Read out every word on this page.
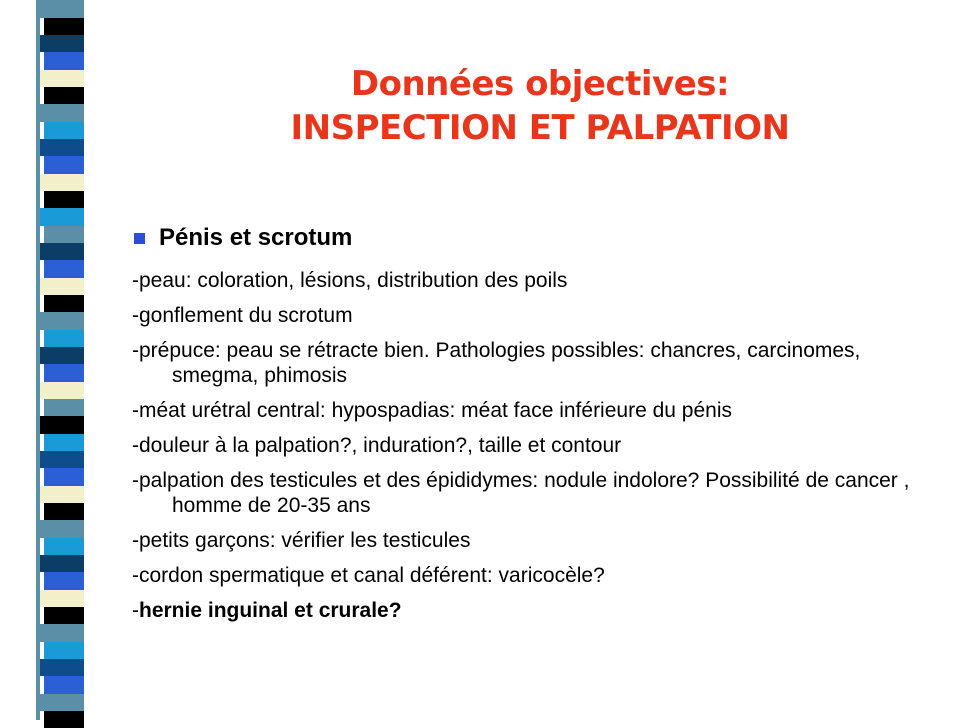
Données objectives:
INSPECTION ET PALPATION
Pénis et scrotum
-peau: coloration, lésions, distribution des poils
-gonflement du scrotum
-prépuce: peau se rétracte bien. Pathologies possibles: chancres, carcinomes, smegma, phimosis
-méat urétral central: hypospadias: méat face inférieure du pénis
-douleur à la palpation?, induration?, taille et contour
-palpation des testicules et des épididymes: nodule indolore? Possibilité de cancer , homme de 20-35 ans
-petits garçons: vérifier les testicules
-cordon spermatique et canal déférent: varicocèle?
-hernie inguinal et crurale?
